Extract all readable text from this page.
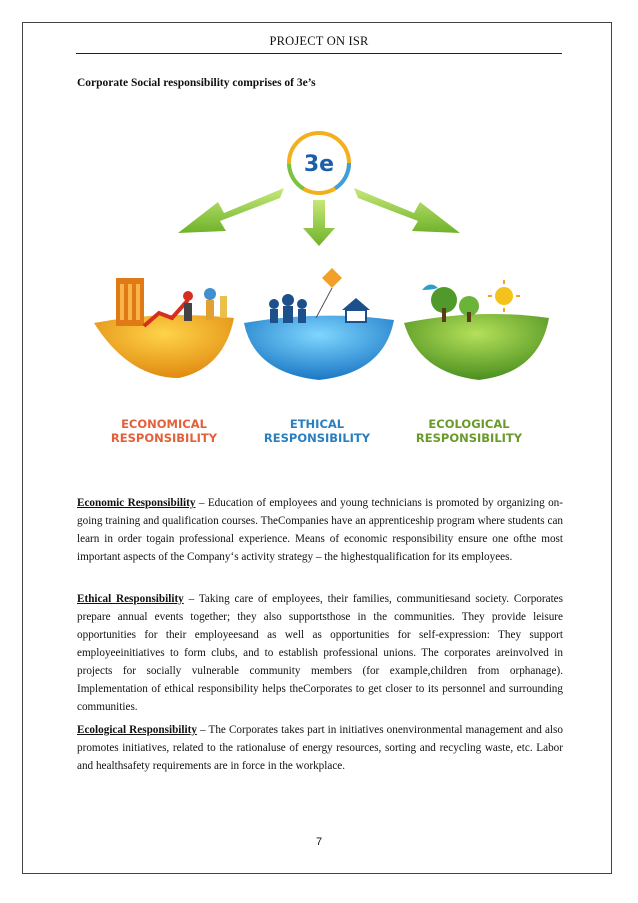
PROJECT ON ISR
Corporate Social responsibility comprises of 3e’s
3e
ECONOMICAL
RESPONSIBILITY
ETHICAL
RESPONSIBILITY
ECOLOGICAL
RESPONSIBILITY
Economic Responsibility – Education of employees and young technicians is promoted by organizing on-going training and qualification courses. TheCompanies have an apprenticeship program where students can learn in order togain professional experience. Means of economic responsibility ensure one ofthe most important aspects of the Company‘s activity strategy – the highestqualification for its employees.
Ethical Responsibility – Taking care of employees, their families, communitiesand society. Corporates prepare annual events together; they also supportsthose in the communities. They provide leisure opportunities for their employeesand as well as opportunities for self-expression: They support employeeinitiatives to form clubs, and to establish professional unions. The corporates areinvolved in projects for socially vulnerable community members (for example,children from orphanage). Implementation of ethical responsibility helps theCorporates to get closer to its personnel and surrounding communities.
Ecological Responsibility – The Corporates takes part in initiatives onenvironmental management and also promotes initiatives, related to the rationaluse of energy resources, sorting and recycling waste, etc. Labor and healthsafety requirements are in force in the workplace.
7
